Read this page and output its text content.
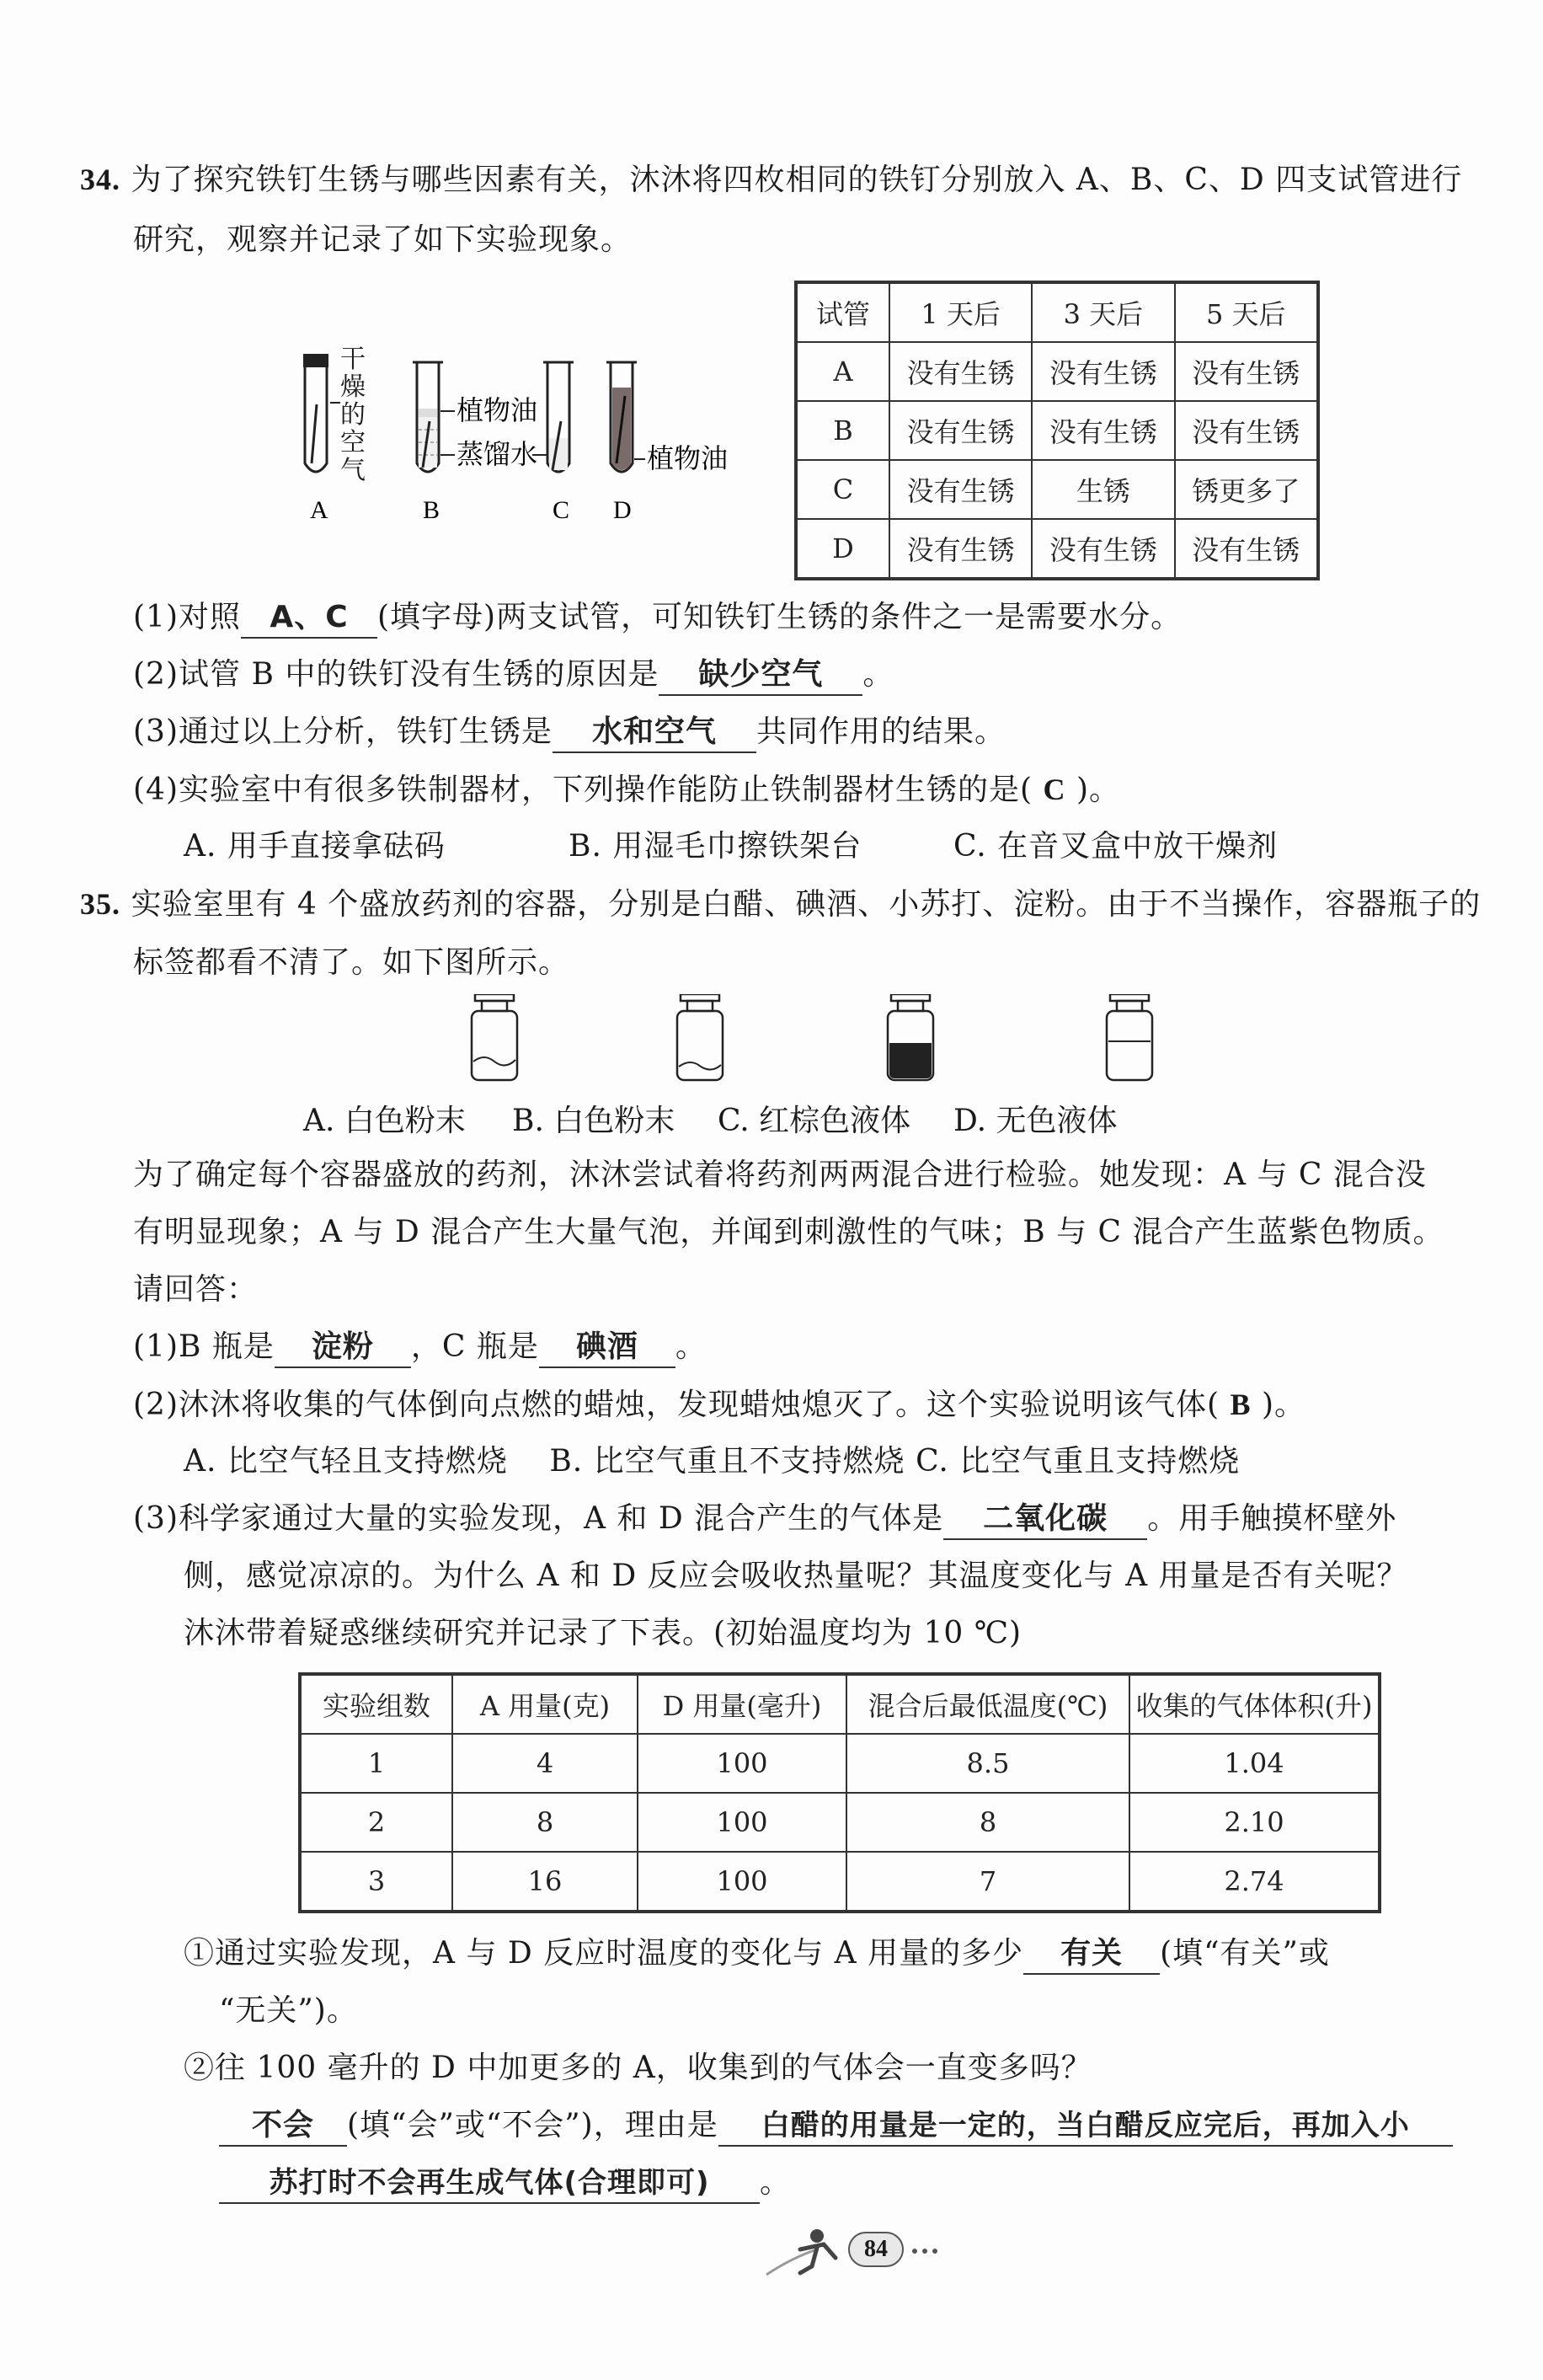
34. 为了探究铁钉生锈与哪些因素有关，沐沐将四枚相同的铁钉分别放入 A、B、C、D 四支试管进行
研究，观察并记录了如下实验现象。
A
干燥的空气
B
植物油
蒸馏水
C D
植物油
试管	1 天后	3 天后	5 天后
A	没有生锈	没有生锈	没有生锈
B	没有生锈	没有生锈	没有生锈
C	没有生锈	生锈	锈更多了
D	没有生锈	没有生锈	没有生锈
(1)对照 A、C (填字母)两支试管，可知铁钉生锈的条件之一是需要水分。
(2)试管 B 中的铁钉没有生锈的原因是 缺少空气 。
(3)通过以上分析，铁钉生锈是 水和空气 共同作用的结果。
(4)实验室中有很多铁制器材，下列操作能防止铁制器材生锈的是( C )。
A. 用手直接拿砝码	B. 用湿毛巾擦铁架台	C. 在音叉盒中放干燥剂
35. 实验室里有 4 个盛放药剂的容器，分别是白醋、碘酒、小苏打、淀粉。由于不当操作，容器瓶子的
标签都看不清了。如下图所示。
A. 白色粉末 B. 白色粉末 C. 红棕色液体 D. 无色液体
为了确定每个容器盛放的药剂，沐沐尝试着将药剂两两混合进行检验。她发现：A 与 C 混合没
有明显现象；A 与 D 混合产生大量气泡，并闻到刺激性的气味；B 与 C 混合产生蓝紫色物质。
请回答：
(1)B 瓶是 淀粉 ，C 瓶是 碘酒 。
(2)沐沐将收集的气体倒向点燃的蜡烛，发现蜡烛熄灭了。这个实验说明该气体( B )。
A. 比空气轻且支持燃烧　 B. 比空气重且不支持燃烧 C. 比空气重且支持燃烧
(3)科学家通过大量的实验发现，A 和 D 混合产生的气体是 二氧化碳 。用手触摸杯壁外
侧，感觉凉凉的。为什么 A 和 D 反应会吸收热量呢？其温度变化与 A 用量是否有关呢？
沐沐带着疑惑继续研究并记录了下表。(初始温度均为 10 ℃)
实验组数	A 用量(克)	D 用量(毫升)	混合后最低温度(℃)	收集的气体体积(升)
1	4	100	8.5	1.04
2	8	100	8	2.10
3	16	100	7	2.74
①通过实验发现，A 与 D 反应时温度的变化与 A 用量的多少 有关 (填“有关”或
“无关”)。
②往 100 毫升的 D 中加更多的 A，收集到的气体会一直变多吗？
不会 (填“会”或“不会”)，理由是 白醋的用量是一定的，当白醋反应完后，再加入小
苏打时不会再生成气体(合理即可) 。
84
